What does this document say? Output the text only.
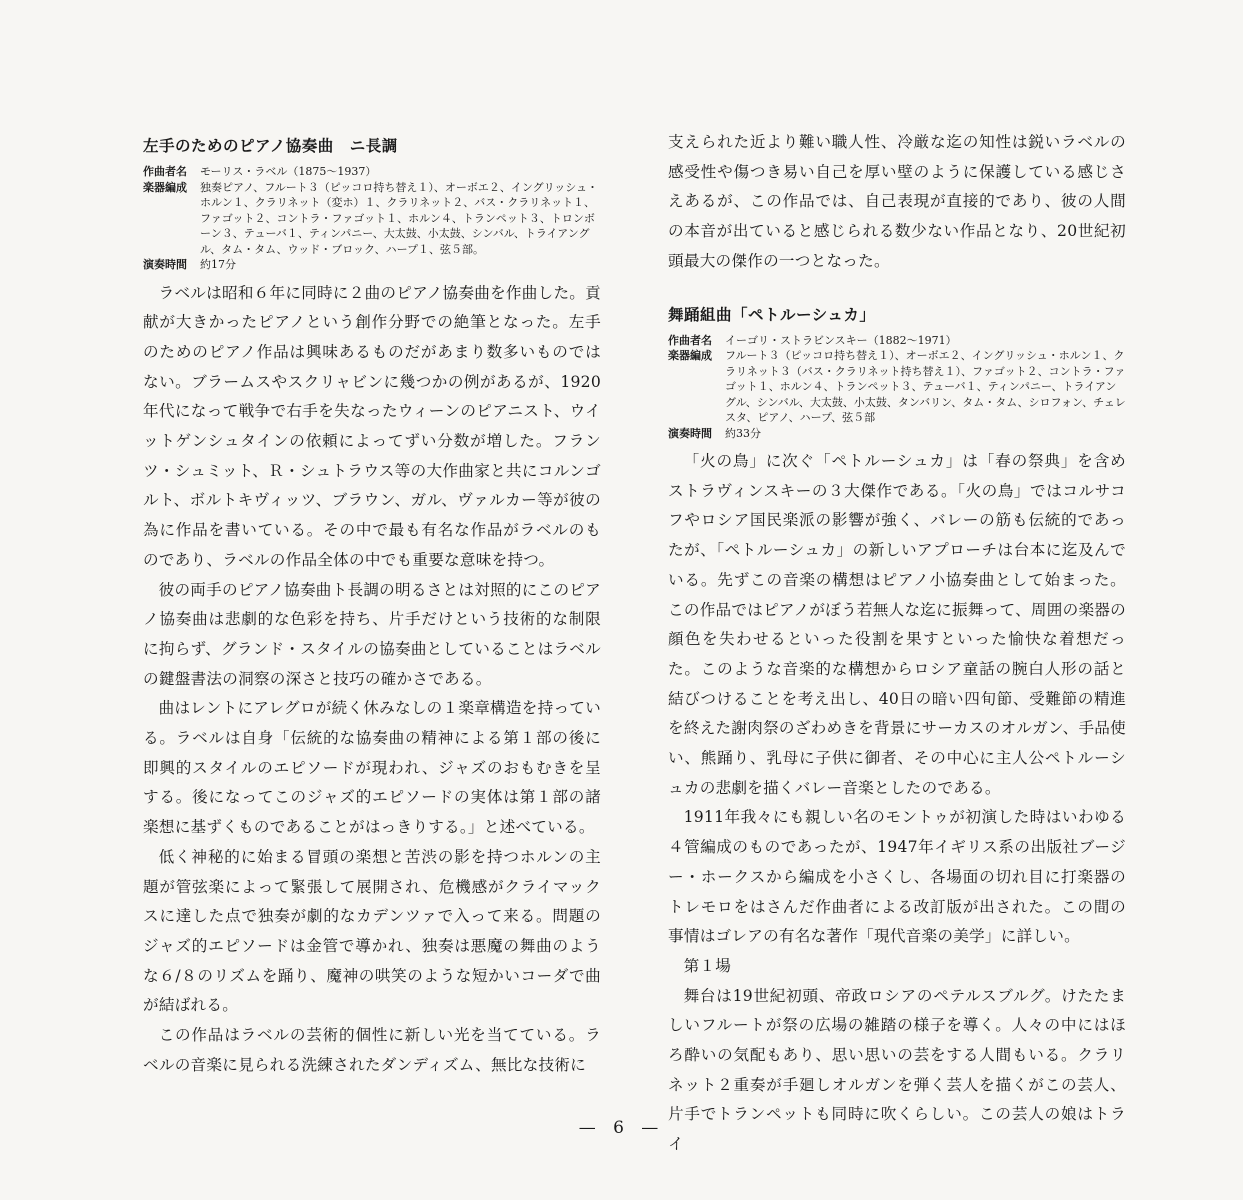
左手のためのピアノ協奏曲　ニ長調
作曲者名	モーリス・ラベル（1875～1937）
楽器編成	独奏ピアノ、フルート３（ピッコロ持ち替え１）、オーボエ２、イングリッシュ・ホルン１、クラリネット（変ホ）１、クラリネット２、バス・クラリネット１、ファゴット２、コントラ・ファゴット１、ホルン４、トランペット３、トロンボーン３、テューバ１、ティンパニー、大太鼓、小太鼓、シンバル、トライアングル、タム・タム、ウッド・ブロック、ハープ１、弦５部。
演奏時間	約17分

ラベルは昭和６年に同時に２曲のピアノ協奏曲を作曲した。貢献が大きかったピアノという創作分野での絶筆となった。左手のためのピアノ作品は興味あるものだがあまり数多いものではない。ブラームスやスクリャビンに幾つかの例があるが、1920年代になって戦争で右手を失なったウィーンのピアニスト、ウイットゲンシュタインの依頼によってずい分数が増した。フランツ・シュミット、Ｒ・シュトラウス等の大作曲家と共にコルンゴルト、ボルトキヴィッツ、ブラウン、ガル、ヴァルカー等が彼の為に作品を書いている。その中で最も有名な作品がラベルのものであり、ラベルの作品全体の中でも重要な意味を持つ。

彼の両手のピアノ協奏曲ト長調の明るさとは対照的にこのピアノ協奏曲は悲劇的な色彩を持ち、片手だけという技術的な制限に拘らず、グランド・スタイルの協奏曲としていることはラベルの鍵盤書法の洞察の深さと技巧の確かさである。

曲はレントにアレグロが続く休みなしの１楽章構造を持っている。ラベルは自身「伝統的な協奏曲の精神による第１部の後に即興的スタイルのエピソードが現われ、ジャズのおもむきを呈する。後になってこのジャズ的エピソードの実体は第１部の諸楽想に基ずくものであることがはっきりする。」と述べている。

低く神秘的に始まる冒頭の楽想と苦渋の影を持つホルンの主題が管弦楽によって緊張して展開され、危機感がクライマックスに達した点で独奏が劇的なカデンツァで入って来る。問題のジャズ的エピソードは金管で導かれ、独奏は悪魔の舞曲のような６/８のリズムを踊り、魔神の哄笑のような短かいコーダで曲が結ばれる。

この作品はラベルの芸術的個性に新しい光を当てている。ラベルの音楽に見られる洗練されたダンディズム、無比な技術に

支えられた近より難い職人性、冷厳な迄の知性は鋭いラベルの感受性や傷つき易い自己を厚い壁のように保護している感じさえあるが、この作品では、自己表現が直接的であり、彼の人間の本音が出ていると感じられる数少ない作品となり、20世紀初頭最大の傑作の一つとなった。

舞踊組曲「ペトルーシュカ」
作曲者名	イーゴリ・ストラビンスキー（1882～1971）
楽器編成	フルート３（ピッコロ持ち替え１）、オーボエ２、イングリッシュ・ホルン１、クラリネット３（バス・クラリネット持ち替え１）、ファゴット２、コントラ・ファゴット１、ホルン４、トランペット３、テューバ１、ティンパニー、トライアングル、シンバル、大太鼓、小太鼓、タンバリン、タム・タム、シロフォン、チェレスタ、ピアノ、ハープ、弦５部
演奏時間	約33分

「火の鳥」に次ぐ「ペトルーシュカ」は「春の祭典」を含めストラヴィンスキーの３大傑作である。「火の鳥」ではコルサコフやロシア国民楽派の影響が強く、バレーの筋も伝統的であったが、「ペトルーシュカ」の新しいアプローチは台本に迄及んでいる。先ずこの音楽の構想はピアノ小協奏曲として始まった。この作品ではピアノがぼう若無人な迄に振舞って、周囲の楽器の顔色を失わせるといった役割を果すといった愉快な着想だった。このような音楽的な構想からロシア童話の腕白人形の話と結びつけることを考え出し、40日の暗い四旬節、受難節の精進を終えた謝肉祭のざわめきを背景にサーカスのオルガン、手品使い、熊踊り、乳母に子供に御者、その中心に主人公ペトルーシュカの悲劇を描くバレー音楽としたのである。

1911年我々にも親しい名のモントゥが初演した時はいわゆる４管編成のものであったが、1947年イギリス系の出版社ブージー・ホークスから編成を小さくし、各場面の切れ目に打楽器のトレモロをはさんだ作曲者による改訂版が出された。この間の事情はゴレアの有名な著作「現代音楽の美学」に詳しい。

第１場

舞台は19世紀初頭、帝政ロシアのペテルスブルグ。けたたましいフルートが祭の広場の雑踏の様子を導く。人々の中にはほろ酔いの気配もあり、思い思いの芸をする人間もいる。クラリネット２重奏が手廻しオルガンを弾く芸人を描くがこの芸人、片手でトランペットも同時に吹くらしい。この芸人の娘はトライ

— 6 —
